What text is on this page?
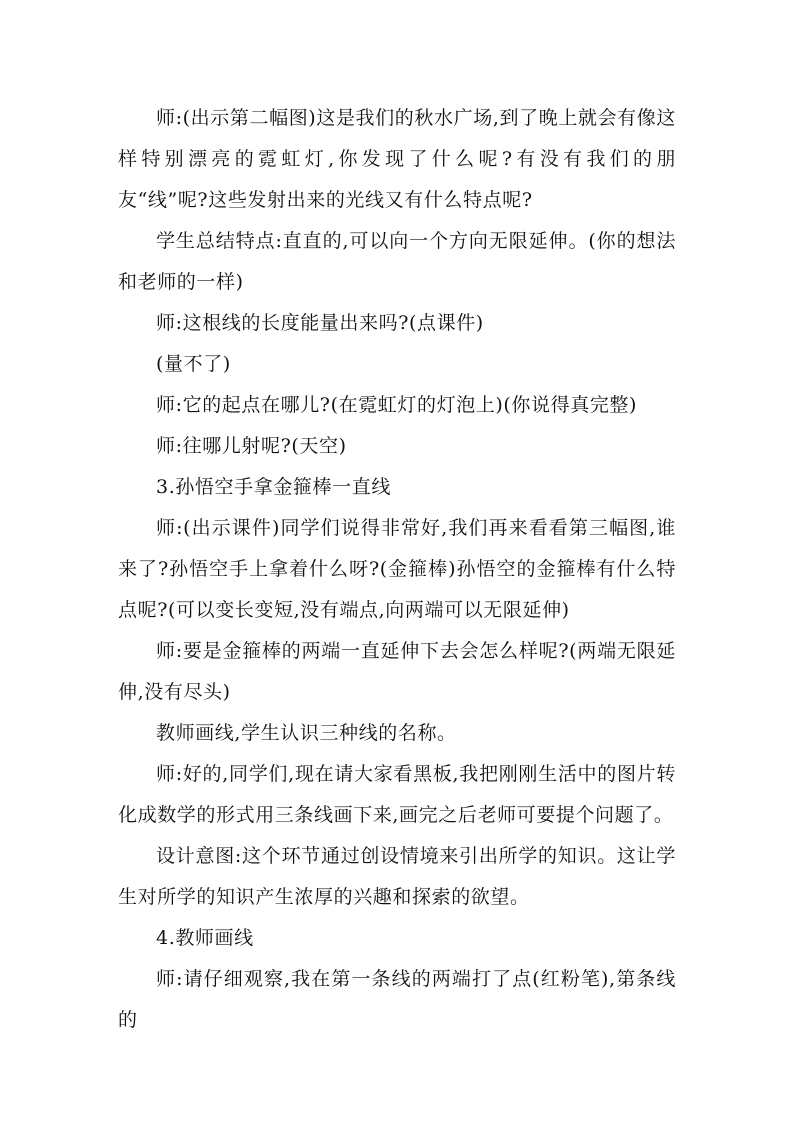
师:(出示第二幅图)这是我们的秋水广场,到了晚上就会有像这样特别漂亮的霓虹灯,你发现了什么呢?有没有我们的朋友“线”呢?这些发射出来的光线又有什么特点呢?

学生总结特点:直直的,可以向一个方向无限延伸。(你的想法和老师的一样)

师:这根线的长度能量出来吗?(点课件)

(量不了)

师:它的起点在哪儿?(在霓虹灯的灯泡上)(你说得真完整)

师:往哪儿射呢?(天空)

3.孙悟空手拿金箍棒一直线

师:(出示课件)同学们说得非常好,我们再来看看第三幅图,谁来了?孙悟空手上拿着什么呀?(金箍棒)孙悟空的金箍棒有什么特点呢?(可以变长变短,没有端点,向两端可以无限延伸)

师:要是金箍棒的两端一直延伸下去会怎么样呢?(两端无限延伸,没有尽头)

教师画线,学生认识三种线的名称。

师:好的,同学们,现在请大家看黑板,我把刚刚生活中的图片转化成数学的形式用三条线画下来,画完之后老师可要提个问题了。

设计意图:这个环节通过创设情境来引出所学的知识。这让学生对所学的知识产生浓厚的兴趣和探索的欲望。

4.教师画线

师:请仔细观察,我在第一条线的两端打了点(红粉笔),第条线的
